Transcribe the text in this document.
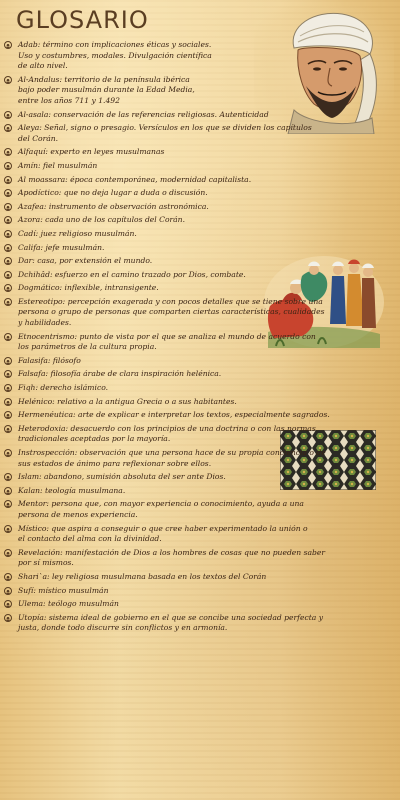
GLOSARIO
Adab: término con implicaciones éticas y sociales.
Uso y costumbres, modales. Divulgación científica
de alto nivel.
Al-Andalus: territorio de la península ibérica
bajo poder musulmán durante la Edad Media,
entre los años 711 y 1.492
Al-asala: conservación de las referencias religiosas. Autenticidad
Aleya: Señal, signo o presagio. Versículos en los que se dividen los capítulos
del Corán.
Alfaquí: experto en leyes musulmanas
Amín: fiel musulmán
Al moassara: época contemporánea, modernidad capitalista.
Apodíctico: que no deja lugar a duda o discusión.
Azafea: instrumento de observación astronómica.
Azora: cada uno de los capítulos del Corán.
Cadí: juez religioso musulmán.
Califa: jefe musulmán.
Dar: casa, por extensión el mundo.
Dchihâd: esfuerzo en el camino trazado por Dios, combate.
Dogmático: inflexible, intransigente.
Estereotipo: percepción exagerada y con pocos detalles que se tiene sobre una
persona o grupo de personas que comparten ciertas características, cualidades
y habilidades.
Etnocentrismo: punto de vista por el que se analiza el mundo de acuerdo con
los parámetros de la cultura propia.
Falasifa: filósofo
Falsafa: filosofía árabe de clara inspiración helénica.
Fiqh: derecho islámico.
Helénico: relativo a la antigua Grecia o a sus habitantes.
Hermenéutica: arte de explicar e interpretar los textos, especialmente sagrados.
Heterodoxia: desacuerdo con los principios de una doctrina o con las normas
tradicionales aceptadas por la mayoría.
Instrospección: observación que una persona hace de su propia conciencia o de
sus estados de ánimo para reflexionar sobre ellos.
Islam: abandono, sumisión absoluta del ser ante Dios.
Kalan: teología musulmana.
Mentor: persona que, con mayor experiencia o conocimiento, ayuda a una
persona de menos experiencia.
Místico: que aspira a conseguir o que cree haber experimentado la unión o
el contacto del alma con la divinidad.
Revelación: manifestación de Dios a los hombres de cosas que no pueden saber
por sí mismos.
Shari`a: ley religiosa musulmana basada en los textos del Corán
Sufí: místico musulmán
Ulema: teólogo musulmán
Utopía: sistema ideal de gobierno en el que se concibe una sociedad perfecta y
justa, donde todo discurre sin conflictos y en armonía.
